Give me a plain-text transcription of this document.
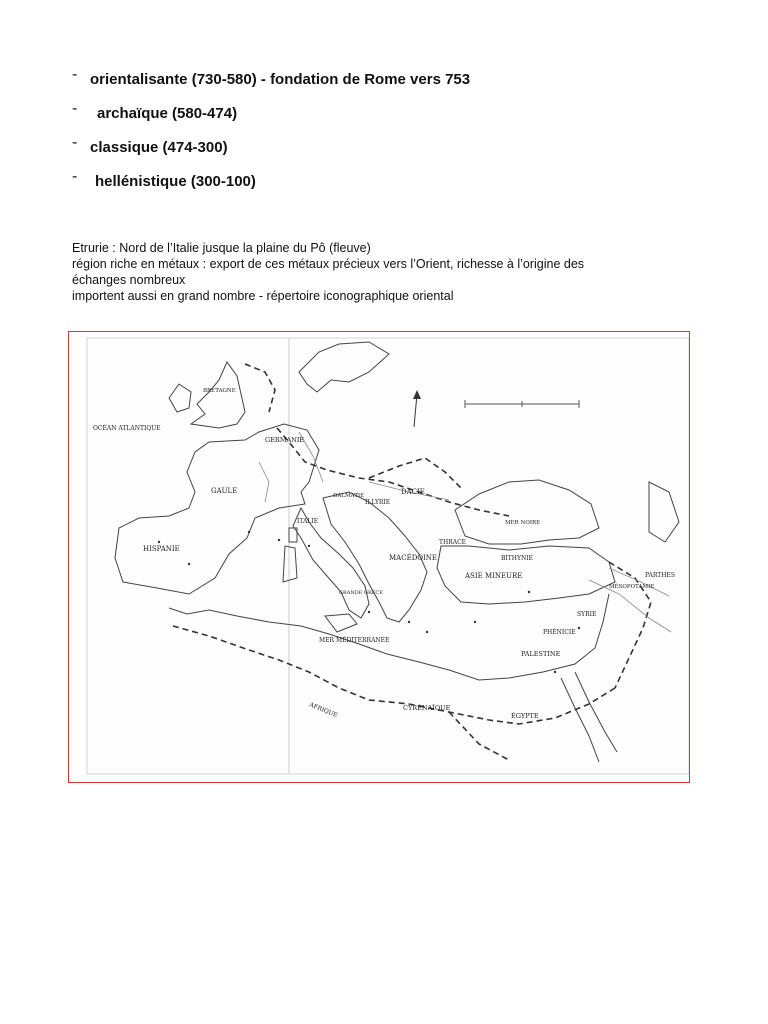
- orientalisante (730-580) - fondation de Rome vers 753
- archaïque (580-474)
- classique (474-300)
- hellénistique (300-100)
Etrurie : Nord de l’Italie jusque la plaine du Pô (fleuve)
région riche en métaux : export de ces métaux précieux vers l’Orient, richesse à l’origine des
échanges nombreux
importent aussi en grand nombre - répertoire iconographique oriental
OCÉAN ATLANTIQUE
BRETAGNE
GERMANIE
GAULE
HISPANIE
ITALIE
DALMATIE
ILLYRIE
DACIE
THRACE
MACÉDOINE	BITHYNIE
ASIE MINEURE
MER NOIRE
PARTHES
MÉSOPOTAMIE
SYRIE
PHÉNICIE
PALESTINE
ÉGYPTE
CYRÉNAÏQUE
AFRIQUE
MER MÉDITERRANÉE
GRANDE GRÈCE
